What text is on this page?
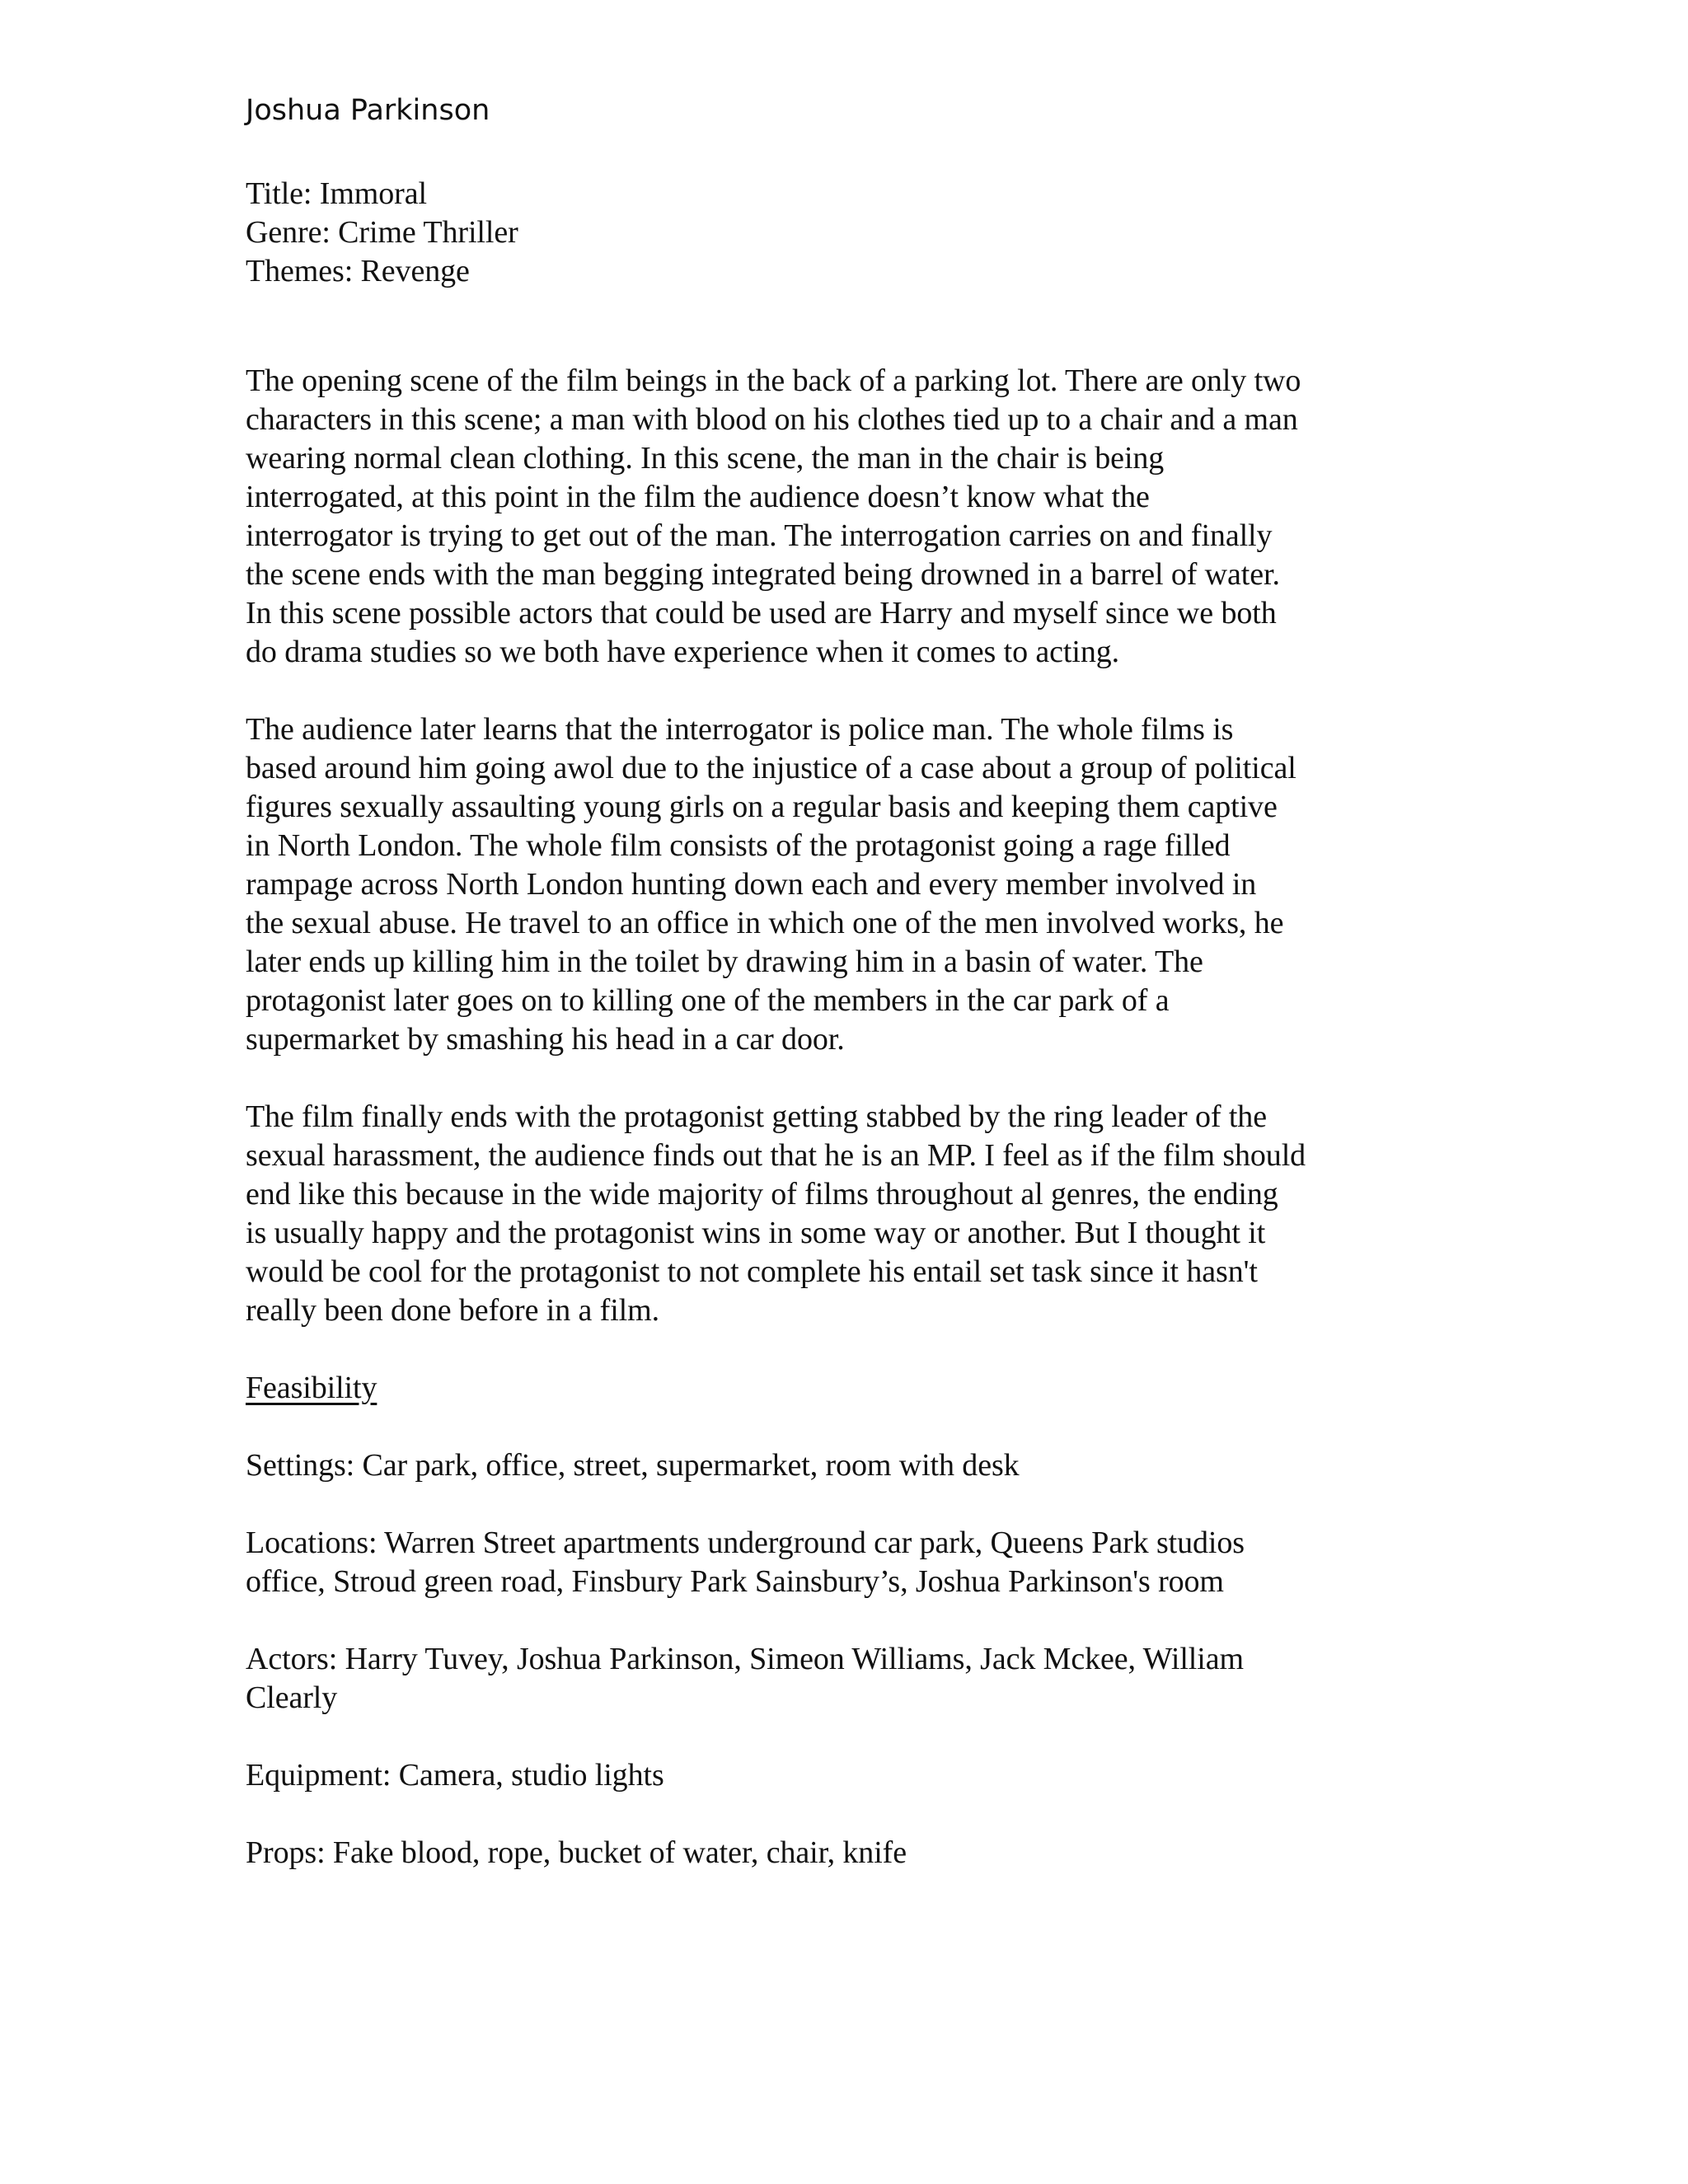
Joshua Parkinson

Title: Immoral
Genre: Crime Thriller
Themes: Revenge

The opening scene of the film beings in the back of a parking lot. There are only two
characters in this scene; a man with blood on his clothes tied up to a chair and a man
wearing normal clean clothing. In this scene, the man in the chair is being
interrogated, at this point in the film the audience doesn’t know what the
interrogator is trying to get out of the man. The interrogation carries on and finally
the scene ends with the man begging integrated being drowned in a barrel of water.
In this scene possible actors that could be used are Harry and myself since we both
do drama studies so we both have experience when it comes to acting.

The audience later learns that the interrogator is police man. The whole films is
based around him going awol due to the injustice of a case about a group of political
figures sexually assaulting young girls on a regular basis and keeping them captive
in North London. The whole film consists of the protagonist going a rage filled
rampage across North London hunting down each and every member involved in
the sexual abuse. He travel to an office in which one of the men involved works, he
later ends up killing him in the toilet by drawing him in a basin of water. The
protagonist later goes on to killing one of the members in the car park of a
supermarket by smashing his head in a car door.

The film finally ends with the protagonist getting stabbed by the ring leader of the
sexual harassment, the audience finds out that he is an MP. I feel as if the film should
end like this because in the wide majority of films throughout al genres, the ending
is usually happy and the protagonist wins in some way or another. But I thought it
would be cool for the protagonist to not complete his entail set task since it hasn't
really been done before in a film.

Feasibility

Settings: Car park, office, street, supermarket, room with desk

Locations: Warren Street apartments underground car park, Queens Park studios
office, Stroud green road, Finsbury Park Sainsbury’s, Joshua Parkinson's room

Actors: Harry Tuvey, Joshua Parkinson, Simeon Williams, Jack Mckee, William
Clearly

Equipment: Camera, studio lights

Props: Fake blood, rope, bucket of water, chair, knife
